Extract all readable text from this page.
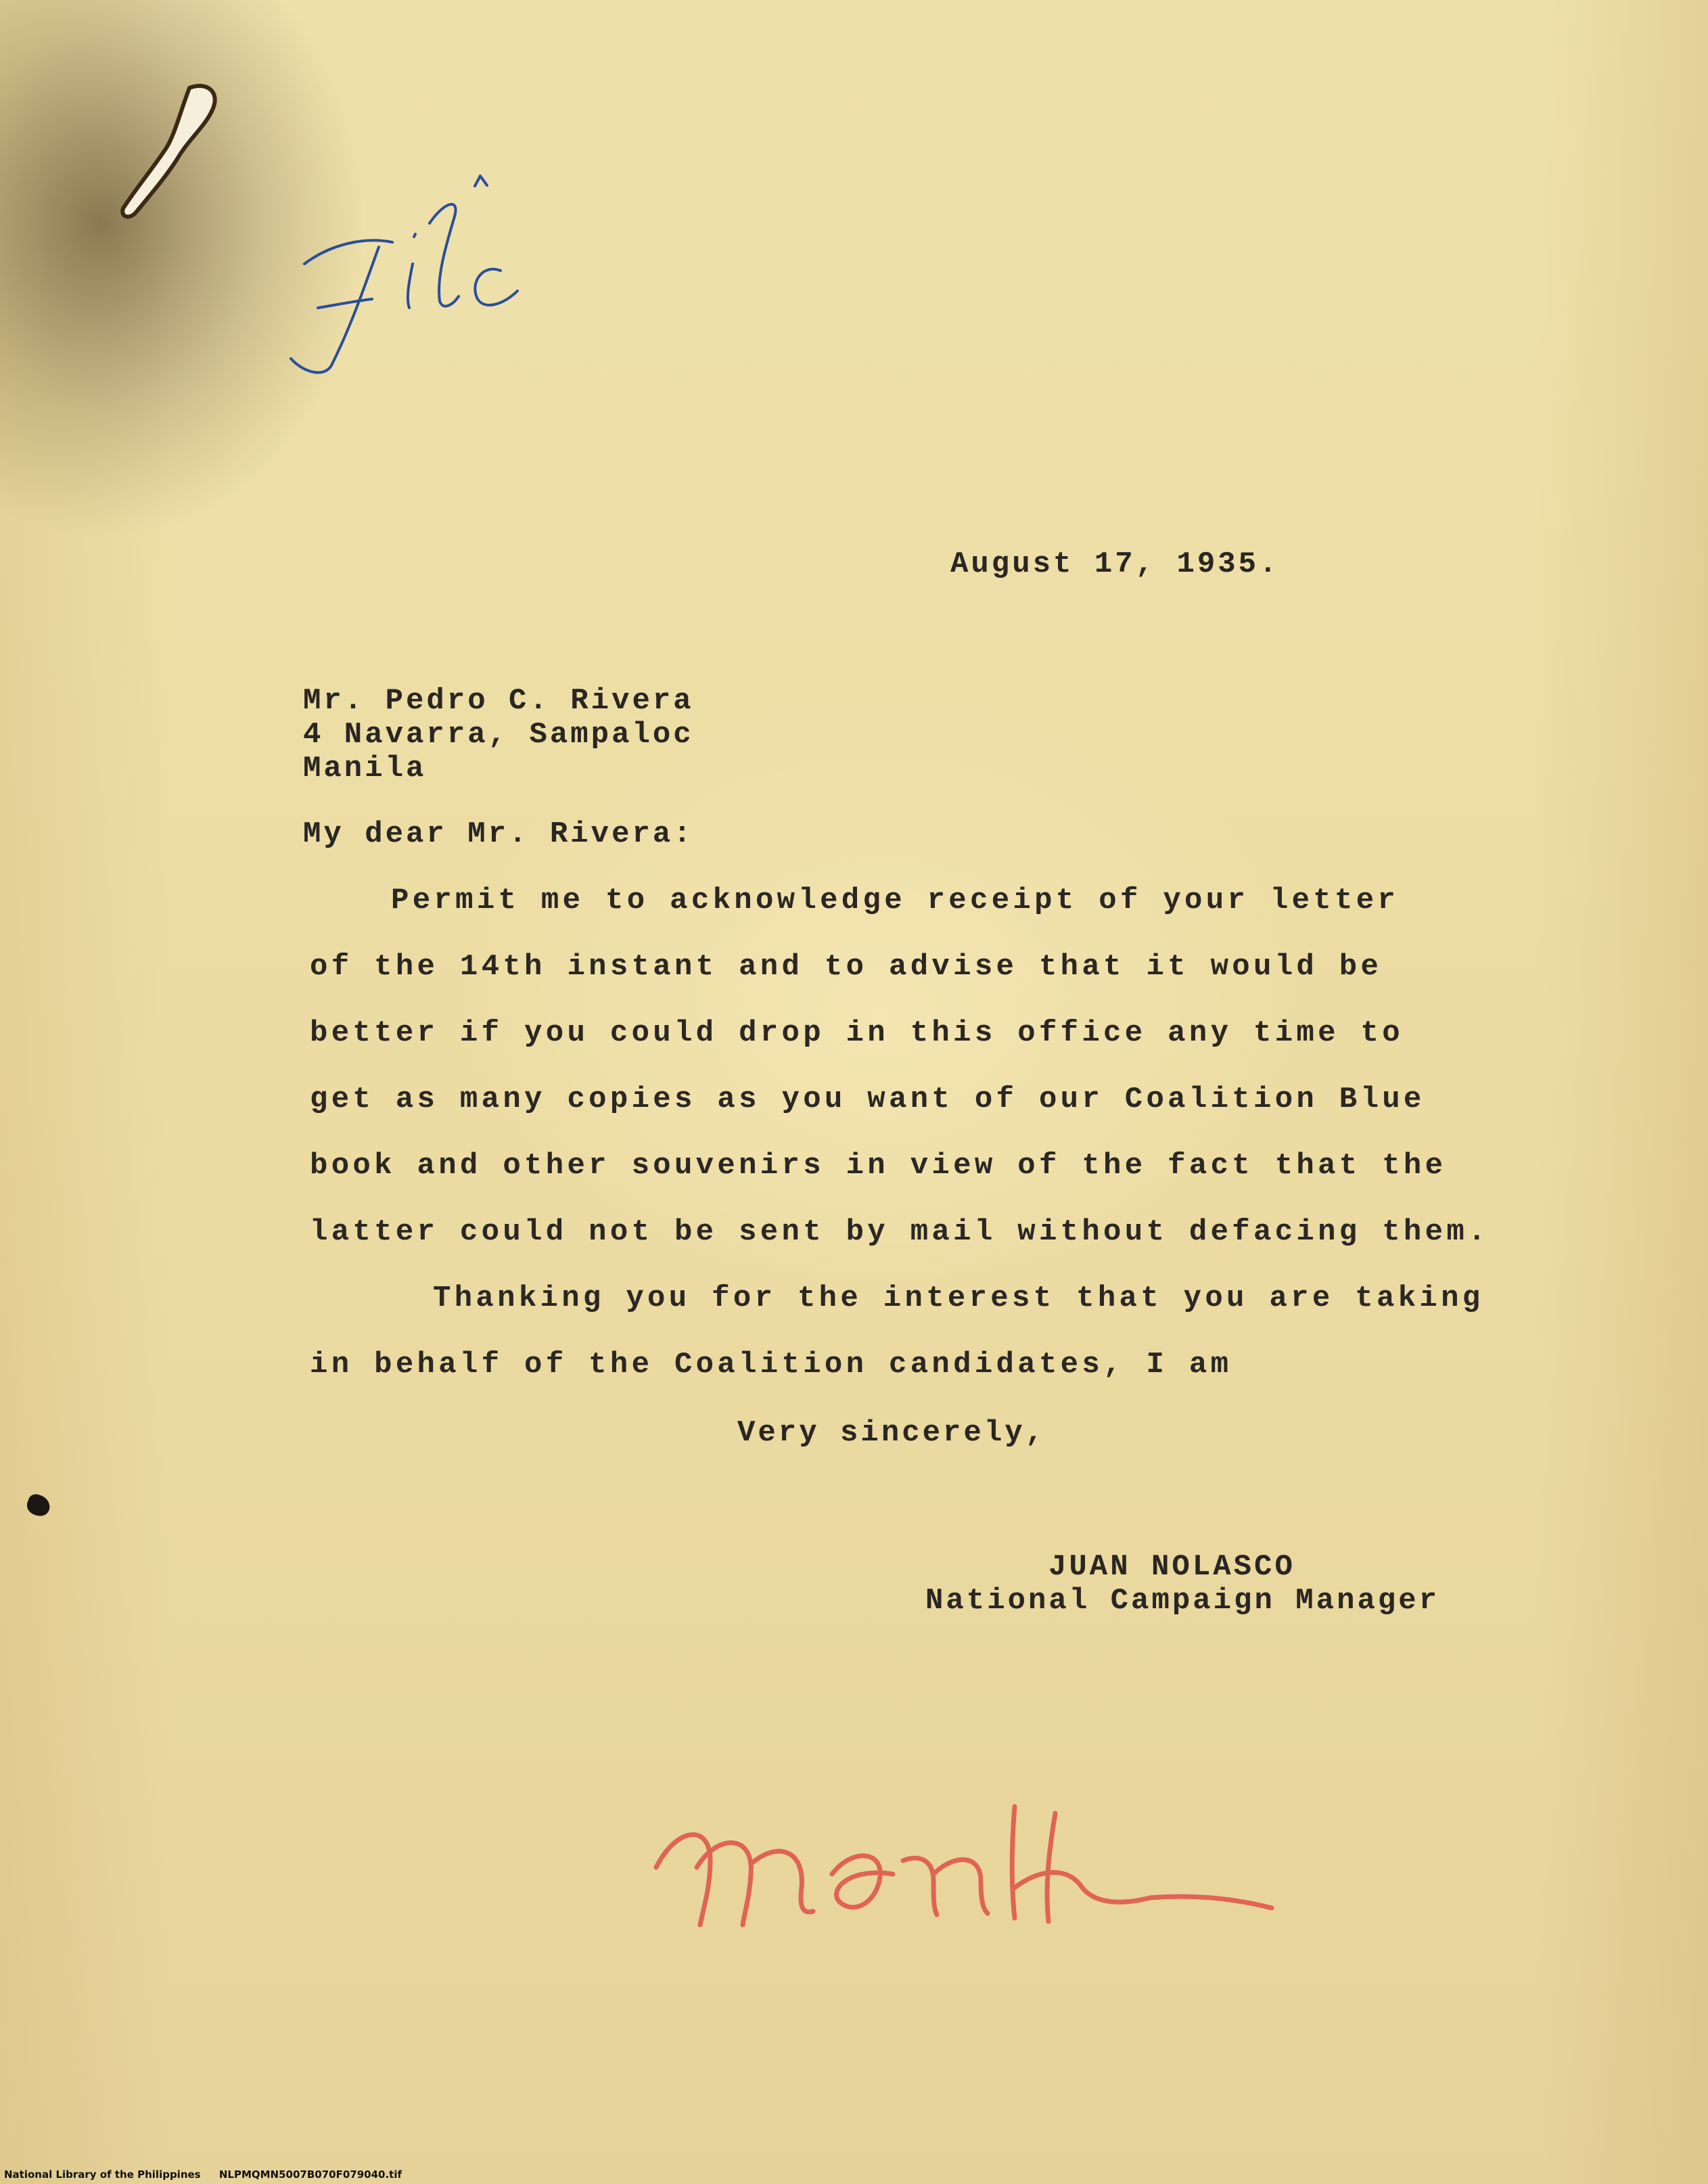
August 17, 1935.

Mr. Pedro C. Rivera

4 Navarra, Sampaloc

Manila

My dear Mr. Rivera:

Permit me to acknowledge receipt of your letter

of the 14th instant and to advise that it would be

better if you could drop in this office any time to

get as many copies as you want of our Coalition Blue

book and other souvenirs in view of the fact that the

latter could not be sent by mail without defacing them.

Thanking you for the interest that you are taking

in behalf of the Coalition candidates, I am

Very sincerely,

JUAN NOLASCO

National Campaign Manager

National Library of the Philippines NLPMQMN5007B070F079040.tif
